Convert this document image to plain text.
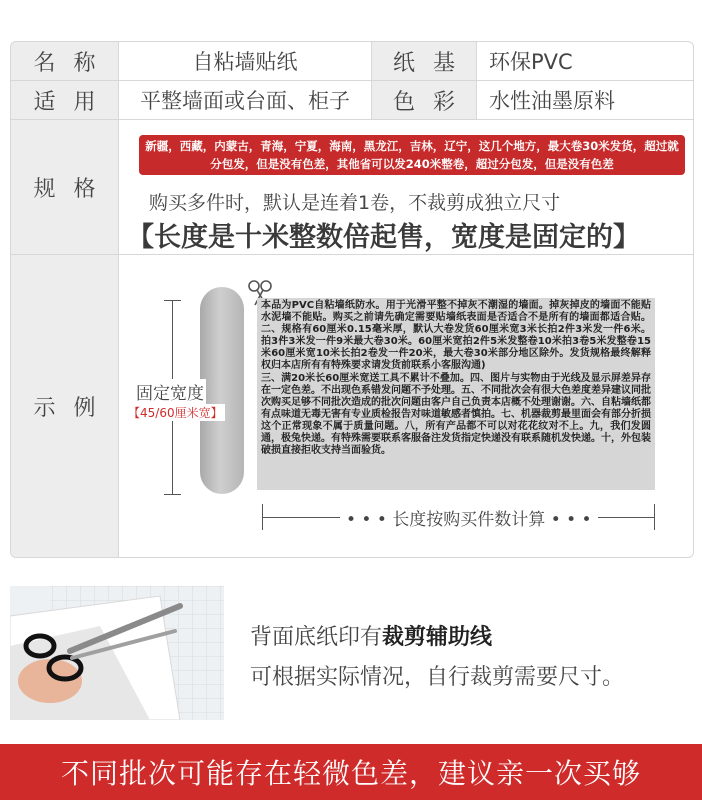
名称	自粘墙贴纸	纸基 环保PVC
适用	平整墙面或台面、柜子	色彩 水性油墨原料
规格
新疆，西藏，内蒙古，青海，宁夏，海南，黑龙江，吉林，辽宁，这几个地方，最大卷30米发货，超过就分包发，但是没有色差，其他省可以发240米整卷，超过分包发，但是没有色差
购买多件时，默认是连着1卷，不裁剪成独立尺寸
【长度是十米整数倍起售，宽度是固定的】
示例
固定宽度
【45/60厘米宽】

本品为PVC自粘墙纸防水。用于光滑平整不掉灰不潮湿的墙面。掉灰掉皮的墙面不能贴水泥墙不能贴。购买之前请先确定需要贴墙纸表面是否适合不是所有的墙面都适合贴。二、规格有60厘米0.15毫米厚，默认大卷发货60厘米宽3米长拍2件3米发一件6米。拍3件3米发一件9米最大卷30米。60厘米宽拍2件5米发整卷10米拍3卷5米发整卷15米60厘米宽10米长拍2卷发一件20米，最大卷30米部分地区除外。发货规格最终解释权归本店所有有特殊要求请发货前联系小客服沟通)

三、满20米长60厘米宽送工具不累计不叠加。四、图片与实物由于光线及显示屏差异存在一定色差。不出现色系错发问题不予处理。五、不同批次会有很大色差度差异建议同批次购买足够不同批次造成的批次问题由客户自己负责本店概不处理谢谢。六、自粘墙纸都有点味道无毒无害有专业质检报告对味道敏感者慎拍。七、机器裁剪最里面会有部分折损这个正常现象不属于质量问题。八，所有产品都不可以对花花纹对不上。九，我们发圆通，极兔快递。有特殊需要联系客服备注发货指定快递没有联系随机发快递。十，外包装破损直接拒收支持当面验货。

• • • 长度按购买件数计算 • • •
背面底纸印有裁剪辅助线
可根据实际情况，自行裁剪需要尺寸。
不同批次可能存在轻微色差，建议亲一次买够
